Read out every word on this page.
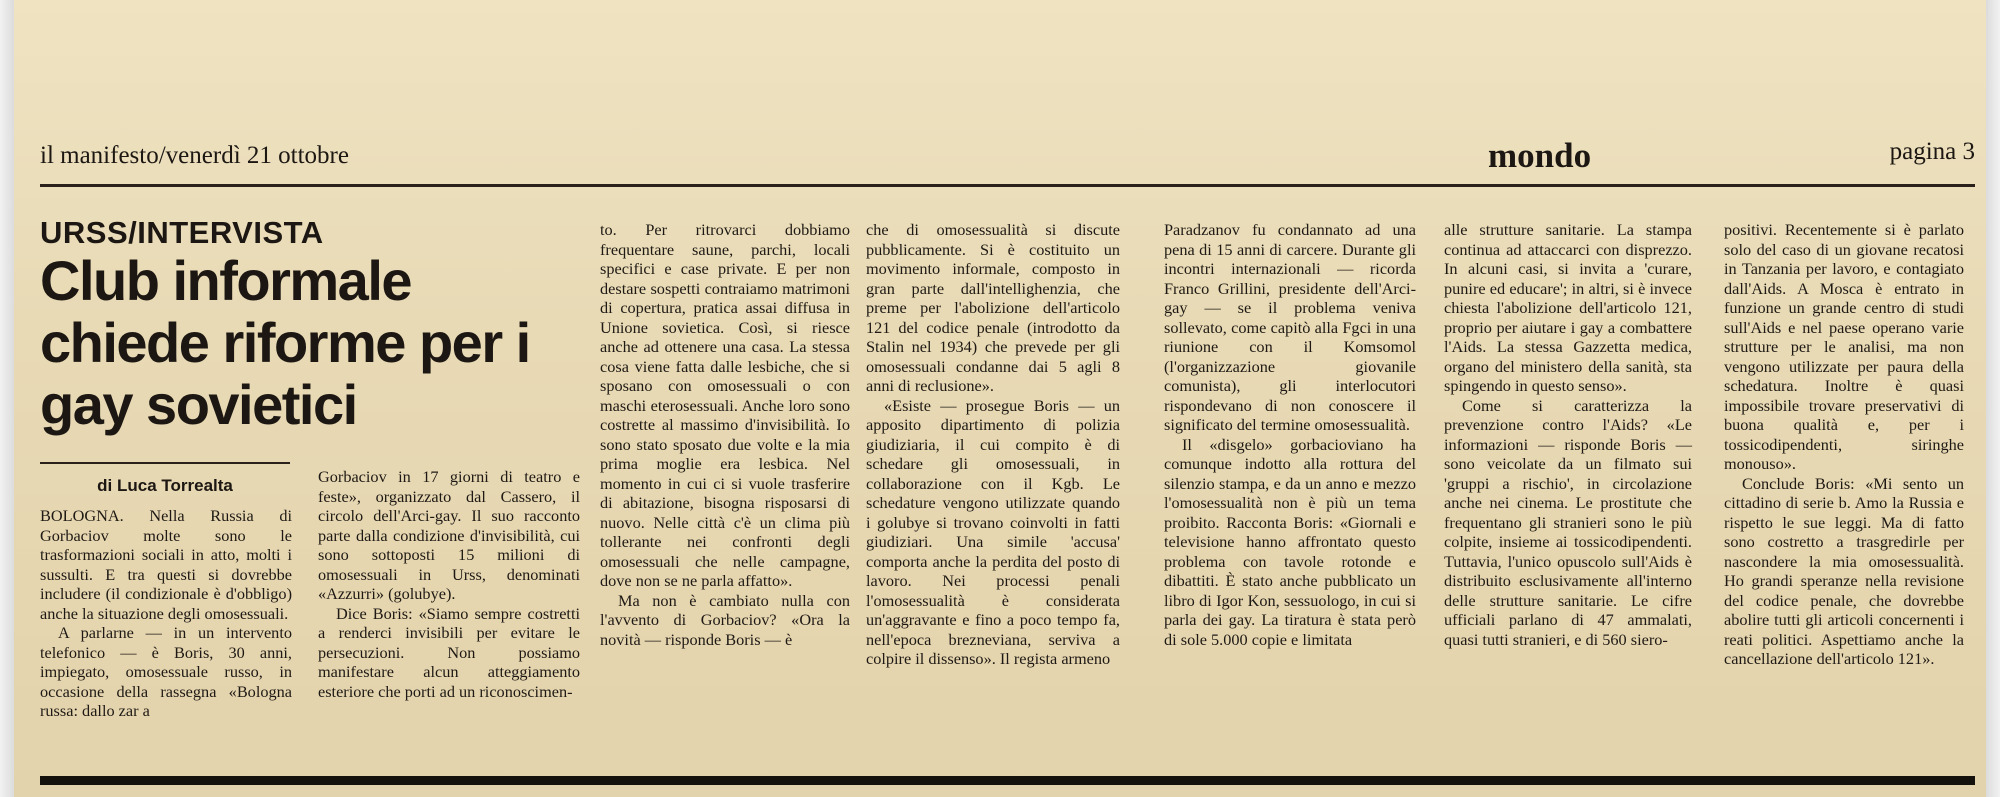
il manifesto/venerdì 21 ottobre	mondo	pagina 3
URSS/INTERVISTA
Club informale chiede riforme per i gay sovietici
di Luca Torrealta

BOLOGNA. Nella Russia di Gorbaciov molte sono le trasformazioni sociali in atto, molti i sussulti. E tra questi si dovrebbe includere (il condizionale è d'obbligo) anche la situazione degli omosessuali.

A parlarne — in un intervento telefonico — è Boris, 30 anni, impiegato, omosessuale russo, in occasione della rassegna «Bologna russa: dallo zar a

Gorbaciov in 17 giorni di teatro e feste», organizzato dal Cassero, il circolo dell'Arci-gay. Il suo racconto parte dalla condizione d'invisibilità, cui sono sottoposti 15 milioni di omosessuali in Urss, denominati «Azzurri» (golubye).

Dice Boris: «Siamo sempre costretti a renderci invisibili per evitare le persecuzioni. Non possiamo manifestare alcun atteggiamento esteriore che porti ad un riconoscimen-

to. Per ritrovarci dobbiamo frequentare saune, parchi, locali specifici e case private. E per non destare sospetti contraiamo matrimoni di copertura, pratica assai diffusa in Unione sovietica. Così, si riesce anche ad ottenere una casa. La stessa cosa viene fatta dalle lesbiche, che si sposano con omosessuali o con maschi eterosessuali. Anche loro sono costrette al massimo d'invisibilità. Io sono stato sposato due volte e la mia prima moglie era lesbica. Nel momento in cui ci si vuole trasferire di abitazione, bisogna risposarsi di nuovo. Nelle città c'è un clima più tollerante nei confronti degli omosessuali che nelle campagne, dove non se ne parla affatto».

Ma non è cambiato nulla con l'avvento di Gorbaciov? «Ora la novità — risponde Boris — è

che di omosessualità si discute pubblicamente. Si è costituito un movimento informale, composto in gran parte dall'intellighenzia, che preme per l'abolizione dell'articolo 121 del codice penale (introdotto da Stalin nel 1934) che prevede per gli omosessuali condanne dai 5 agli 8 anni di reclusione».

«Esiste — prosegue Boris — un apposito dipartimento di polizia giudiziaria, il cui compito è di schedare gli omosessuali, in collaborazione con il Kgb. Le schedature vengono utilizzate quando i golubye si trovano coinvolti in fatti giudiziari. Una simile 'accusa' comporta anche la perdita del posto di lavoro. Nei processi penali l'omosessualità è considerata un'aggravante e fino a poco tempo fa, nell'epoca brezneviana, serviva a colpire il dissenso». Il regista armeno

Paradzanov fu condannato ad una pena di 15 anni di carcere. Durante gli incontri internazionali — ricorda Franco Grillini, presidente dell'Arci-gay — se il problema veniva sollevato, come capitò alla Fgci in una riunione con il Komsomol (l'organizzazione giovanile comunista), gli interlocutori rispondevano di non conoscere il significato del termine omosessualità.

Il «disgelo» gorbacioviano ha comunque indotto alla rottura del silenzio stampa, e da un anno e mezzo l'omosessualità non è più un tema proibito. Racconta Boris: «Giornali e televisione hanno affrontato questo problema con tavole rotonde e dibattiti. È stato anche pubblicato un libro di Igor Kon, sessuologo, in cui si parla dei gay. La tiratura è stata però di sole 5.000 copie e limitata

alle strutture sanitarie. La stampa continua ad attaccarci con disprezzo. In alcuni casi, si invita a 'curare, punire ed educare'; in altri, si è invece chiesta l'abolizione dell'articolo 121, proprio per aiutare i gay a combattere l'Aids. La stessa Gazzetta medica, organo del ministero della sanità, sta spingendo in questo senso».

Come si caratterizza la prevenzione contro l'Aids? «Le informazioni — risponde Boris — sono veicolate da un filmato sui 'gruppi a rischio', in circolazione anche nei cinema. Le prostitute che frequentano gli stranieri sono le più colpite, insieme ai tossicodipendenti. Tuttavia, l'unico opuscolo sull'Aids è distribuito esclusivamente all'interno delle strutture sanitarie. Le cifre ufficiali parlano di 47 ammalati, quasi tutti stranieri, e di 560 siero-

positivi. Recentemente si è parlato solo del caso di un giovane recatosi in Tanzania per lavoro, e contagiato dall'Aids. A Mosca è entrato in funzione un grande centro di studi sull'Aids e nel paese operano varie strutture per le analisi, ma non vengono utilizzate per paura della schedatura. Inoltre è quasi impossibile trovare preservativi di buona qualità e, per i tossicodipendenti, siringhe monouso».

Conclude Boris: «Mi sento un cittadino di serie b. Amo la Russia e rispetto le sue leggi. Ma di fatto sono costretto a trasgredirle per nascondere la mia omosessualità. Ho grandi speranze nella revisione del codice penale, che dovrebbe abolire tutti gli articoli concernenti i reati politici. Aspettiamo anche la cancellazione dell'articolo 121».
